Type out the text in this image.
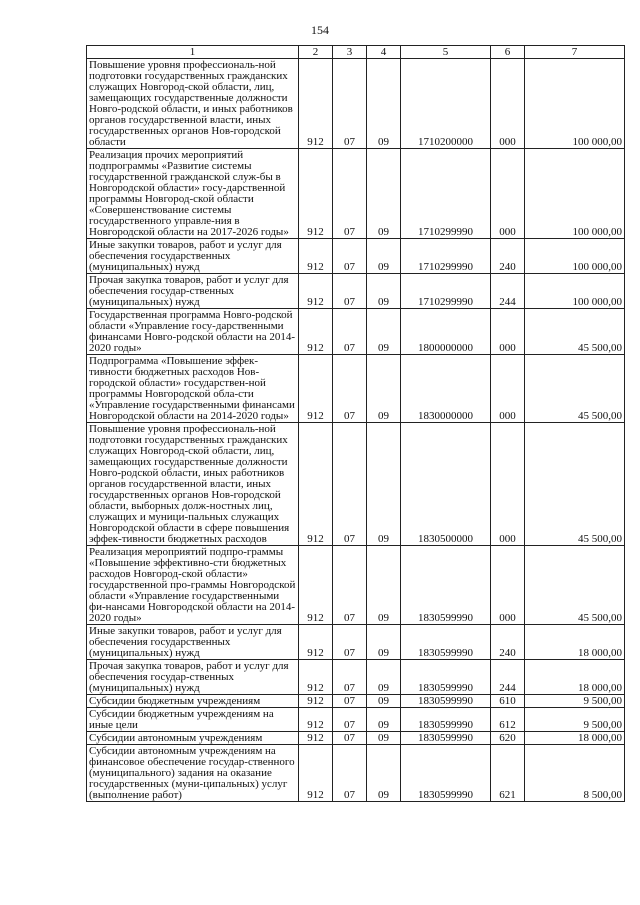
154
1	2	3	4	5	6	7
Повышение уровня профессиональ-ной подготовки государственных гражданских служащих Новгород-ской области, лиц, замещающих государственные должности Новго-родской области, и иных работников органов государственной власти, иных государственных органов Нов-городской области	912	07	09	1710200000	000	100 000,00
Реализация прочих мероприятий подпрограммы «Развитие системы государственной гражданской служ-бы в Новгородской области» госу-дарственной программы Новгород-ской области «Совершенствование системы государственного управле-ния в Новгородской области на 2017-2026 годы»	912	07	09	1710299990	000	100 000,00
Иные закупки товаров, работ и услуг для обеспечения государственных (муниципальных) нужд	912	07	09	1710299990	240	100 000,00
Прочая закупка товаров, работ и услуг для обеспечения государ-ственных (муниципальных) нужд	912	07	09	1710299990	244	100 000,00
Государственная программа Новго-родской области «Управление госу-дарственными финансами Новго-родской области на 2014-2020 годы»	912	07	09	1800000000	000	45 500,00
Подпрограмма «Повышение эффек-тивности бюджетных расходов Нов-городской области» государствен-ной программы Новгородской обла-сти «Управление государственными финансами Новгородской области на 2014-2020 годы»	912	07	09	1830000000	000	45 500,00
Повышение уровня профессиональ-ной подготовки государственных гражданских служащих Новгород-ской области, лиц, замещающих государственные должности Новго-родской области, иных работников органов государственной власти, иных государственных органов Нов-городской области, выборных долж-ностных лиц, служащих и муници-пальных служащих Новгородской области в сфере повышения эффек-тивности бюджетных расходов	912	07	09	1830500000	000	45 500,00
Реализация мероприятий подпро-граммы «Повышение эффективно-сти бюджетных расходов Новгород-ской области» государственной про-граммы Новгородской области «Управление государственными фи-нансами Новгородской области на 2014-2020 годы»	912	07	09	1830599990	000	45 500,00
Иные закупки товаров, работ и услуг для обеспечения государственных (муниципальных) нужд	912	07	09	1830599990	240	18 000,00
Прочая закупка товаров, работ и услуг для обеспечения государ-ственных (муниципальных) нужд	912	07	09	1830599990	244	18 000,00
Субсидии бюджетным учреждениям	912	07	09	1830599990	610	9 500,00
Субсидии бюджетным учреждениям на иные цели	912	07	09	1830599990	612	9 500,00
Субсидии автономным учреждениям	912	07	09	1830599990	620	18 000,00
Субсидии автономным учреждениям на финансовое обеспечение государ-ственного (муниципального) задания на оказание государственных (муни-ципальных) услуг (выполнение работ)	912	07	09	1830599990	621	8 500,00
